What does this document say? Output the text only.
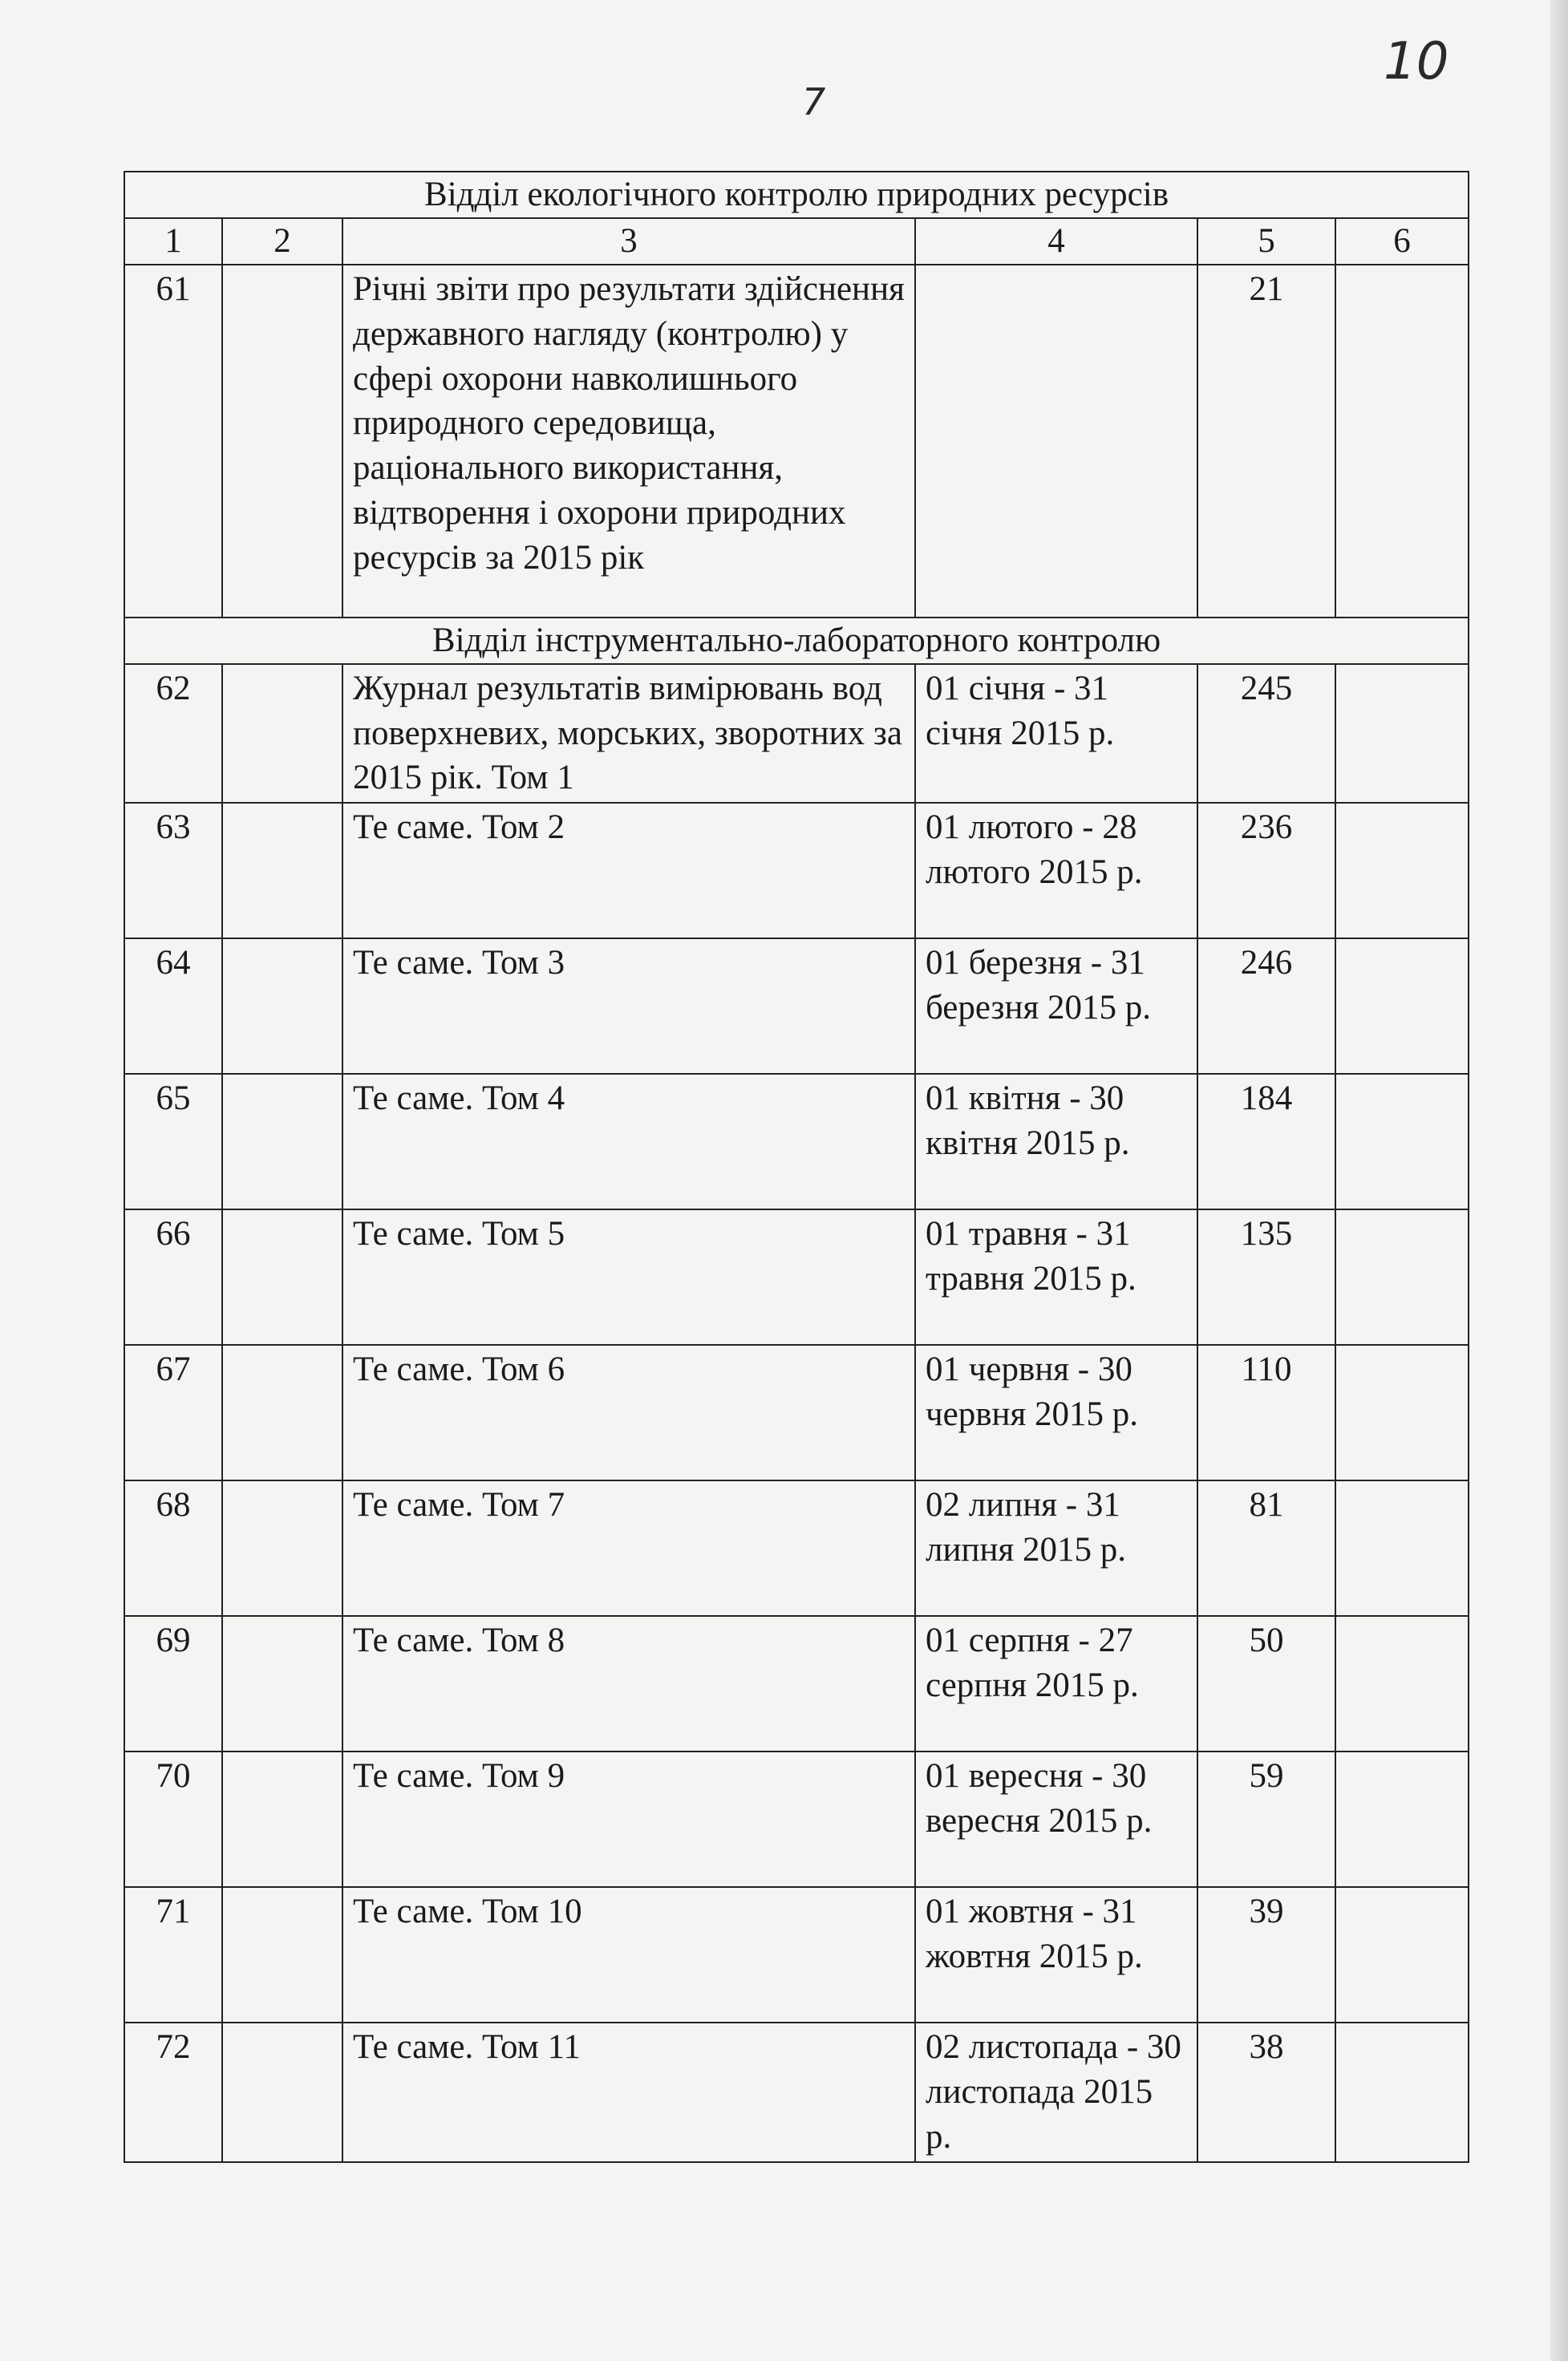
7
10
Відділ екологічного контролю природних ресурсів					
1	2	3	4	5	6
61		Річні звіти про результати здійснення державного нагляду (контролю) у сфері охорони навколишнього природного середовища, раціонального використання, відтворення і охорони природних ресурсів за 2015 рік		21	
Відділ інструментально-лабораторного контролю					
62		Журнал результатів вимірювань вод поверхневих, морських, зворотних за 2015 рік. Том 1	01 січня - 31 січня 2015 р.	245	
63		Те саме. Том 2	01 лютого - 28 лютого 2015 р.	236	
64		Те саме. Том 3	01 березня - 31 березня 2015 р.	246	
65		Те саме. Том 4	01 квітня - 30 квітня 2015 р.	184	
66		Те саме. Том 5	01 травня - 31 травня 2015 р.	135	
67		Те саме. Том 6	01 червня - 30 червня 2015 р.	110	
68		Те саме. Том 7	02 липня - 31 липня 2015 р.	81	
69		Те саме. Том 8	01 серпня - 27 серпня 2015 р.	50	
70		Те саме. Том 9	01 вересня - 30 вересня 2015 р.	59	
71		Те саме. Том 10	01 жовтня - 31 жовтня 2015 р.	39	
72		Те саме. Том 11	02 листопада - 30 листопада 2015 р.	38	
